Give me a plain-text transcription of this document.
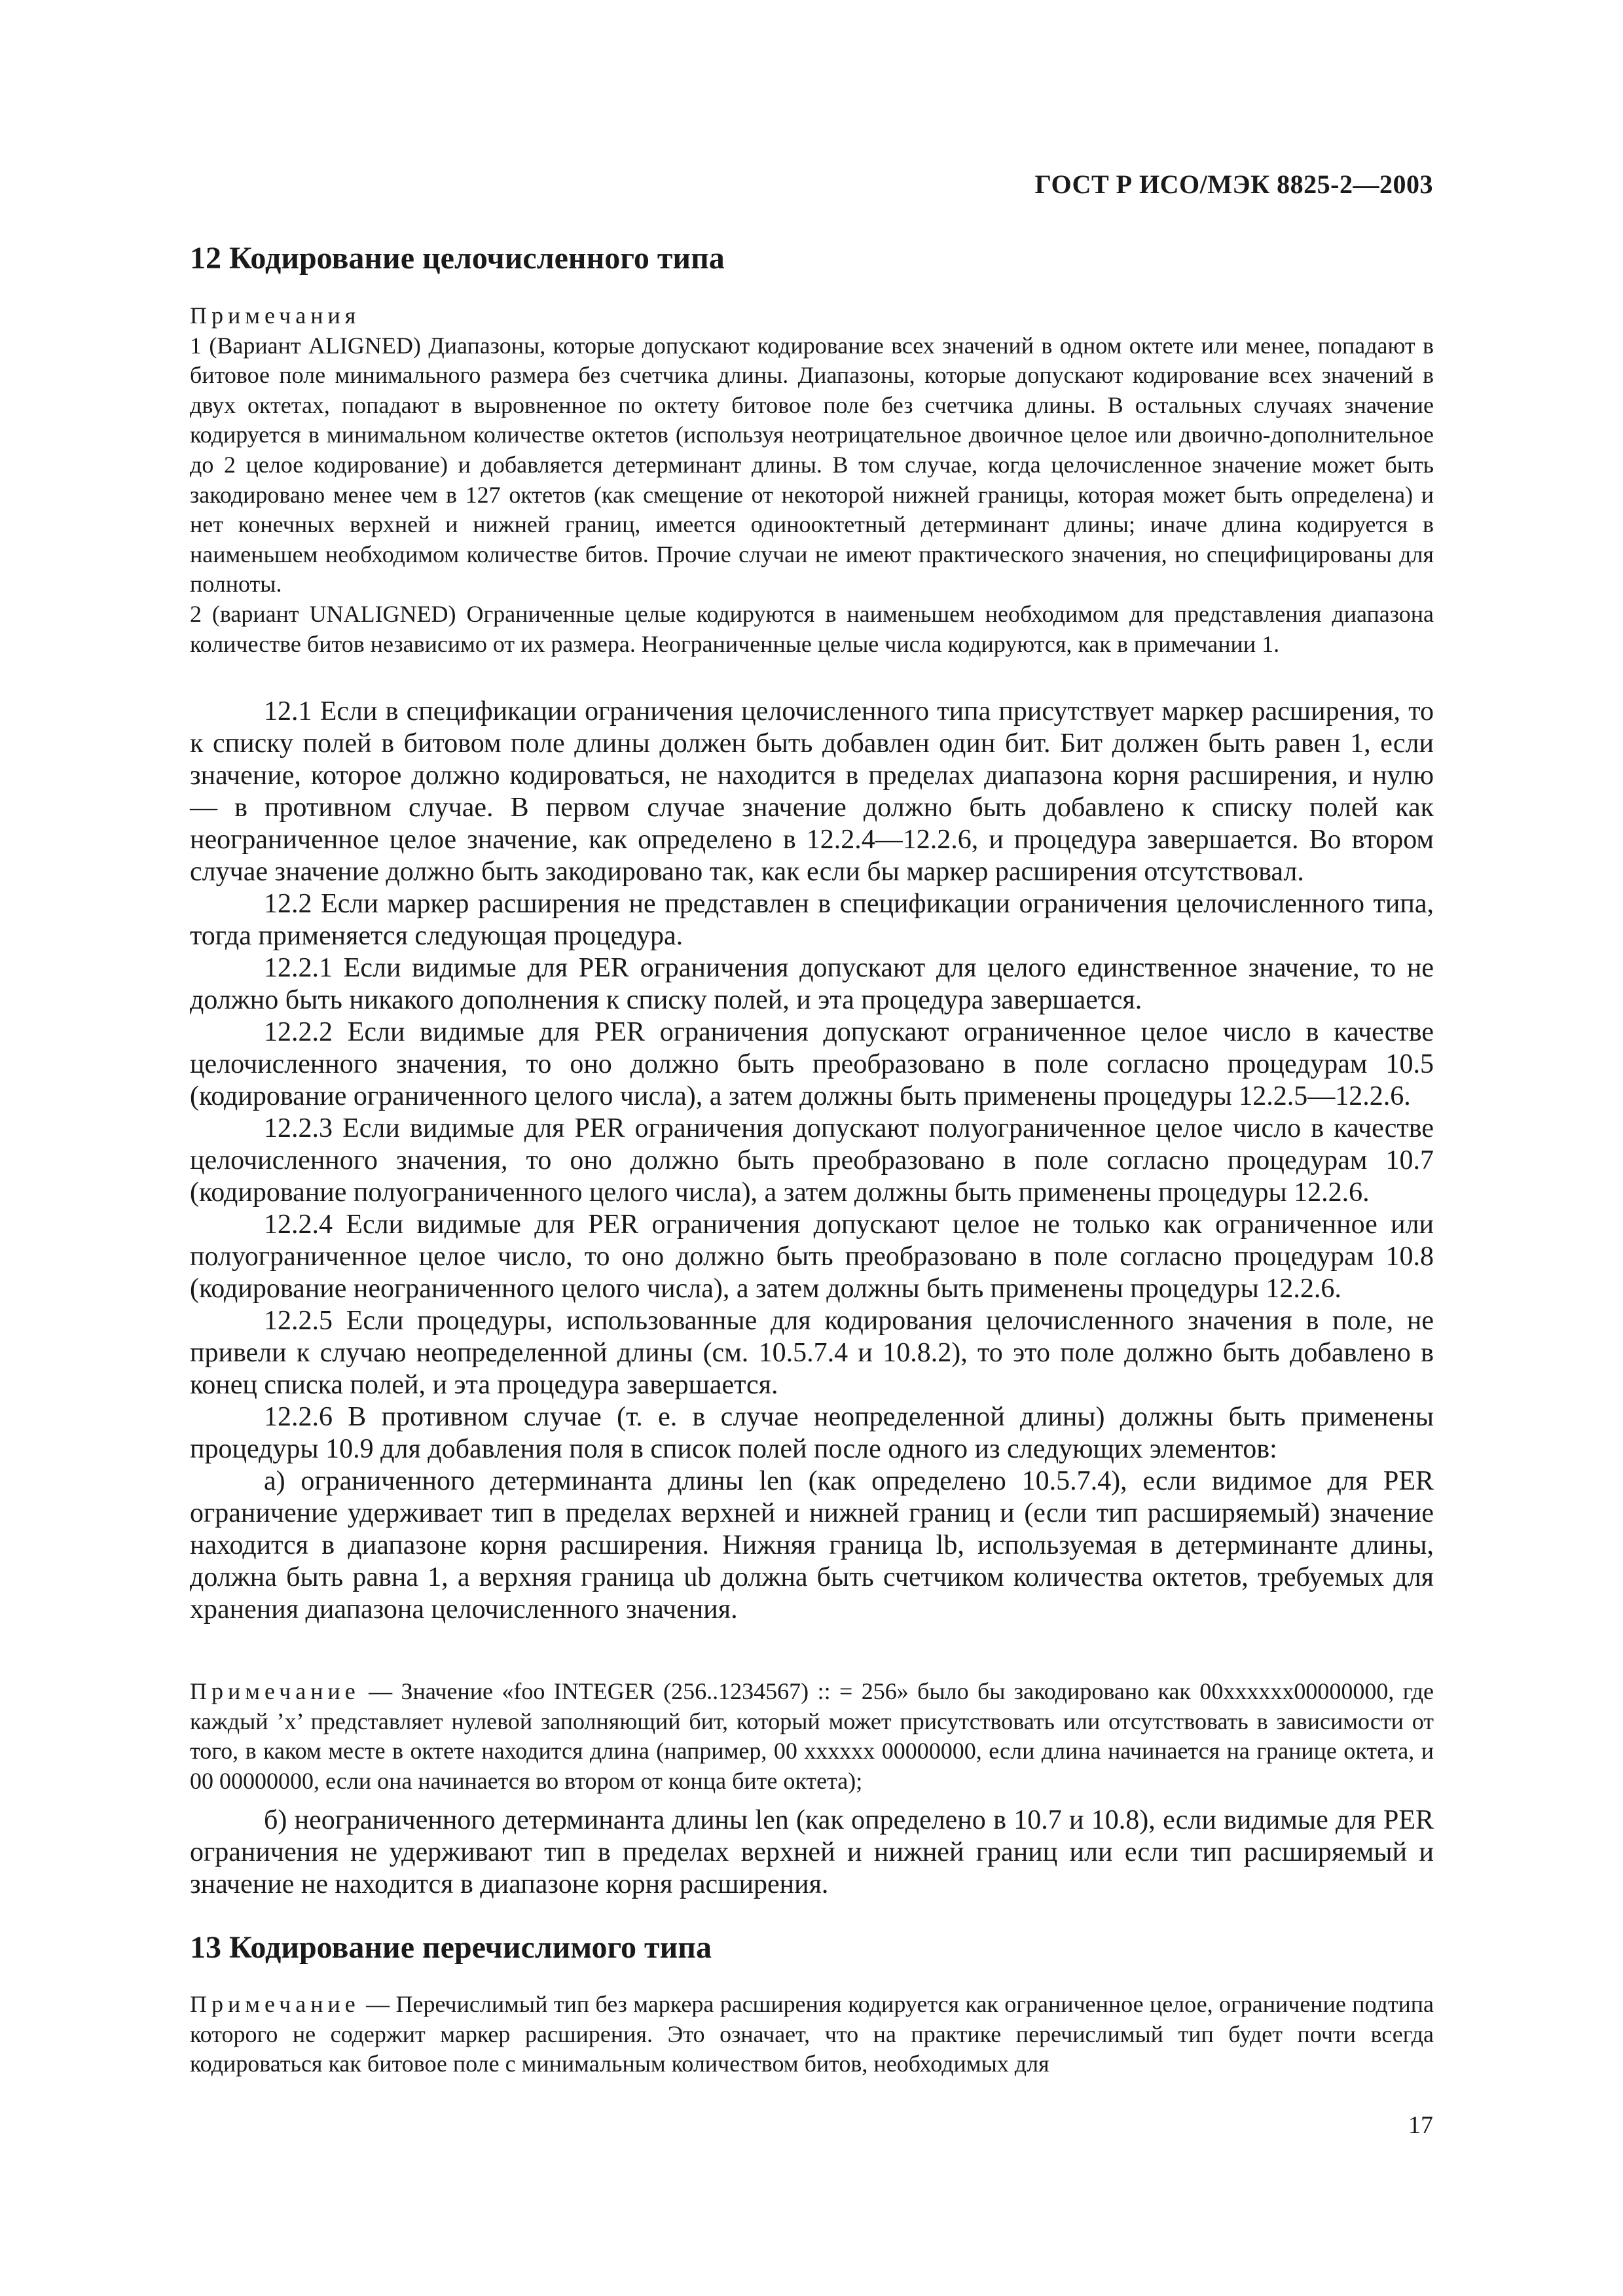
ГОСТ Р ИСО/МЭК 8825-2—2003
12 Кодирование целочисленного типа

Примечания

1 (Вариант ALIGNED) Диапазоны, которые допускают кодирование всех значений в одном октете или менее, попадают в битовое поле минимального размера без счетчика длины. Диапазоны, которые допускают кодирование всех значений в двух октетах, попадают в выровненное по октету битовое поле без счетчика длины. В остальных случаях значение кодируется в минимальном количестве октетов (используя неотрицательное двоичное целое или двоично-дополнительное до 2 целое кодирование) и добавляется детерминант длины. В том случае, когда целочисленное значение может быть закодировано менее чем в 127 октетов (как смещение от некоторой нижней границы, которая может быть определена) и нет конечных верхней и нижней границ, имеется одинооктетный детерминант длины; иначе длина кодируется в наименьшем необходимом количестве битов. Прочие случаи не имеют практического значения, но специфицированы для полноты.

2 (вариант UNALIGNED) Ограниченные целые кодируются в наименьшем необходимом для представления диапазона количестве битов независимо от их размера. Неограниченные целые числа кодируются, как в примечании 1.

12.1 Если в спецификации ограничения целочисленного типа присутствует маркер расширения, то к списку полей в битовом поле длины должен быть добавлен один бит. Бит должен быть равен 1, если значение, которое должно кодироваться, не находится в пределах диапазона корня расширения, и нулю — в противном случае. В первом случае значение должно быть добавлено к списку полей как неограниченное целое значение, как определено в 12.2.4—12.2.6, и процедура завершается. Во втором случае значение должно быть закодировано так, как если бы маркер расширения отсутствовал.

12.2 Если маркер расширения не представлен в спецификации ограничения целочисленного типа, тогда применяется следующая процедура.

12.2.1 Если видимые для PER ограничения допускают для целого единственное значение, то не должно быть никакого дополнения к списку полей, и эта процедура завершается.

12.2.2 Если видимые для PER ограничения допускают ограниченное целое число в качестве целочисленного значения, то оно должно быть преобразовано в поле согласно процедурам 10.5 (кодирование ограниченного целого числа), а затем должны быть применены процедуры 12.2.5—12.2.6.

12.2.3 Если видимые для PER ограничения допускают полуограниченное целое число в качестве целочисленного значения, то оно должно быть преобразовано в поле согласно процедурам 10.7 (кодирование полуограниченного целого числа), а затем должны быть применены процедуры 12.2.6.

12.2.4 Если видимые для PER ограничения допускают целое не только как ограниченное или полуограниченное целое число, то оно должно быть преобразовано в поле согласно процедурам 10.8 (кодирование неограниченного целого числа), а затем должны быть применены процедуры 12.2.6.

12.2.5 Если процедуры, использованные для кодирования целочисленного значения в поле, не привели к случаю неопределенной длины (см. 10.5.7.4 и 10.8.2), то это поле должно быть добавлено в конец списка полей, и эта процедура завершается.

12.2.6 В противном случае (т. е. в случае неопределенной длины) должны быть применены процедуры 10.9 для добавления поля в список полей после одного из следующих элементов:

а) ограниченного детерминанта длины len (как определено 10.5.7.4), если видимое для PER ограничение удерживает тип в пределах верхней и нижней границ и (если тип расширяемый) значение находится в диапазоне корня расширения. Нижняя граница lb, используемая в детерминанте длины, должна быть равна 1, а верхняя граница ub должна быть счетчиком количества октетов, требуемых для хранения диапазона целочисленного значения.

Примечание — Значение «foo INTEGER (256..1234567) :: = 256» было бы закодировано как 00xxxxxx00000000, где каждый ’x’ представляет нулевой заполняющий бит, который может присутствовать или отсутствовать в зависимости от того, в каком месте в октете находится длина (например, 00 xxxxxx 00000000, если длина начинается на границе октета, и 00 00000000, если она начинается во втором от конца бите октета);

б) неограниченного детерминанта длины len (как определено в 10.7 и 10.8), если видимые для PER ограничения не удерживают тип в пределах верхней и нижней границ или если тип расширяемый и значение не находится в диапазоне корня расширения.

13 Кодирование перечислимого типа

Примечание — Перечислимый тип без маркера расширения кодируется как ограниченное целое, ограничение подтипа которого не содержит маркер расширения. Это означает, что на практике перечислимый тип будет почти всегда кодироваться как битовое поле с минимальным количеством битов, необходимых для

17
